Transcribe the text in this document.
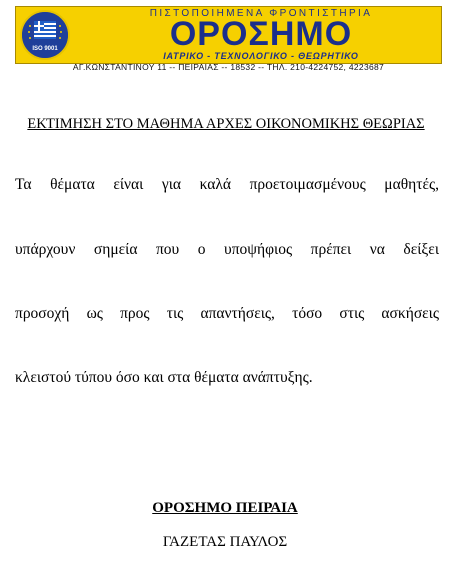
ISO 9001
ΠΙΣΤΟΠΟΙΗΜΕΝΑ ΦΡΟΝΤΙΣΤΗΡΙΑ
ΟΡΟΣΗΜΟ
ΙΑΤΡΙΚΟ - ΤΕΧΝΟΛΟΓΙΚΟ - ΘΕΩΡΗΤΙΚΟ
ΑΓ.ΚΩΝΣΤΑΝΤΙΝΟΥ 11 -- ΠΕΙΡΑΙΑΣ -- 18532 -- ΤΗΛ. 210-4224752, 4223687
ΕΚΤΙΜΗΣΗ ΣΤΟ ΜΑΘΗΜΑ ΑΡΧΕΣ ΟΙΚΟΝΟΜΙΚΗΣ ΘΕΩΡΙΑΣ
Τα θέματα είναι για καλά προετοιμασμένους μαθητές,
υπάρχουν σημεία που ο υποψήφιος πρέπει να δείξει
προσοχή ως προς τις απαντήσεις, τόσο στις ασκήσεις
κλειστού τύπου όσο και στα θέματα ανάπτυξης.
ΟΡΟΣΗΜΟ ΠΕΙΡΑΙΑ
ΓΑΖΕΤΑΣ ΠΑΥΛΟΣ
